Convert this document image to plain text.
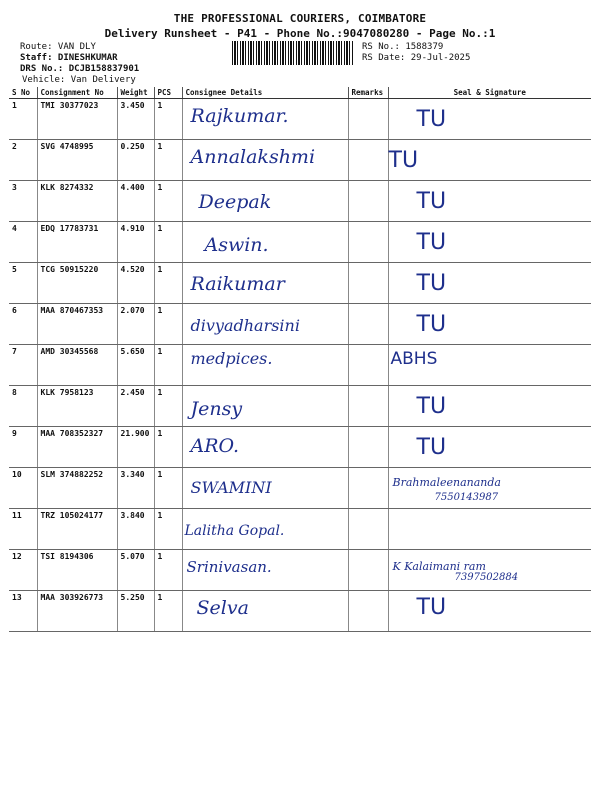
THE PROFESSIONAL COURIERS, COIMBATORE
Delivery Runsheet - P41 - Phone No.:9047080280 - Page No.:1
Route: VAN DLY
Staff: DINESHKUMAR
DRS No.: DCJB158837901
Vehicle: Van Delivery
RS No.: 1588379
RS Date: 29-Jul-2025
S No	Consignment No	Weight	PCS	Consignee Details	Remarks	Seal & Signature
1	TMI 30377023	3.450	1	Rajkumar.		TU

2	SVG 4748995	0.250	1	Annalakshmi		TU

3	KLK 8274332	4.400	1	Deepak		TU

4	EDQ 17783731	4.910	1	Aswin.		TU

5	TCG 50915220	4.520	1	Raikumar		TU

6	MAA 870467353	2.070	1	divyadharsini		TU

7	AMD 30345568	5.650	1	medpices.		ABHS

8	KLK 7958123	2.450	1	Jensy		TU

9	MAA 708352327	21.900	1	ARO.		TU

10	SLM 374882252	3.340	1	SWAMINI		Brahmaleenananda
7550143987

11	TRZ 105024177	3.840	1	Lalitha Gopal.		

12	TSI 8194306	5.070	1	Srinivasan.		K Kalaimani ram
7397502884

13	MAA 303926773	5.250	1	Selva		TU
